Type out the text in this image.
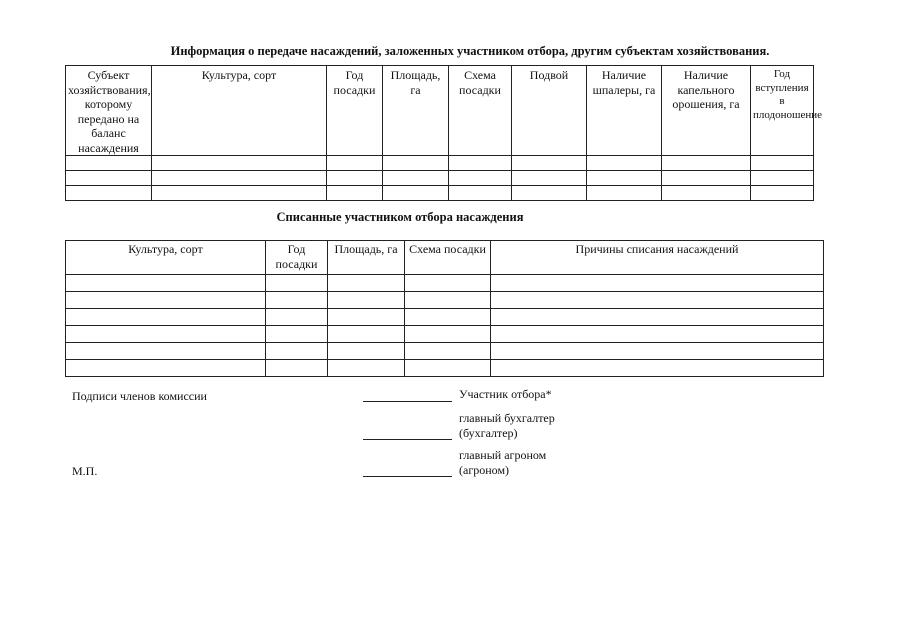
Информация о передаче насаждений, заложенных участником отбора, другим субъектам хозяйствования.
Субъект хозяйствования, которому передано на баланс насаждения	Культура, сорт	Год посадки	Площадь, га	Схема посадки	Подвой	Наличие шпалеры, га	Наличие капельного орошения, га	Год вступления в плодоношение

Списанные участником отбора насаждения
Культура, сорт	Год посадки	Площадь, га	Схема посадки	Причины списания насаждений

Подписи членов комиссии
М.П.
Участник отбора*
главный бухгалтер
(бухгалтер)
главный агроном
(агроном)
